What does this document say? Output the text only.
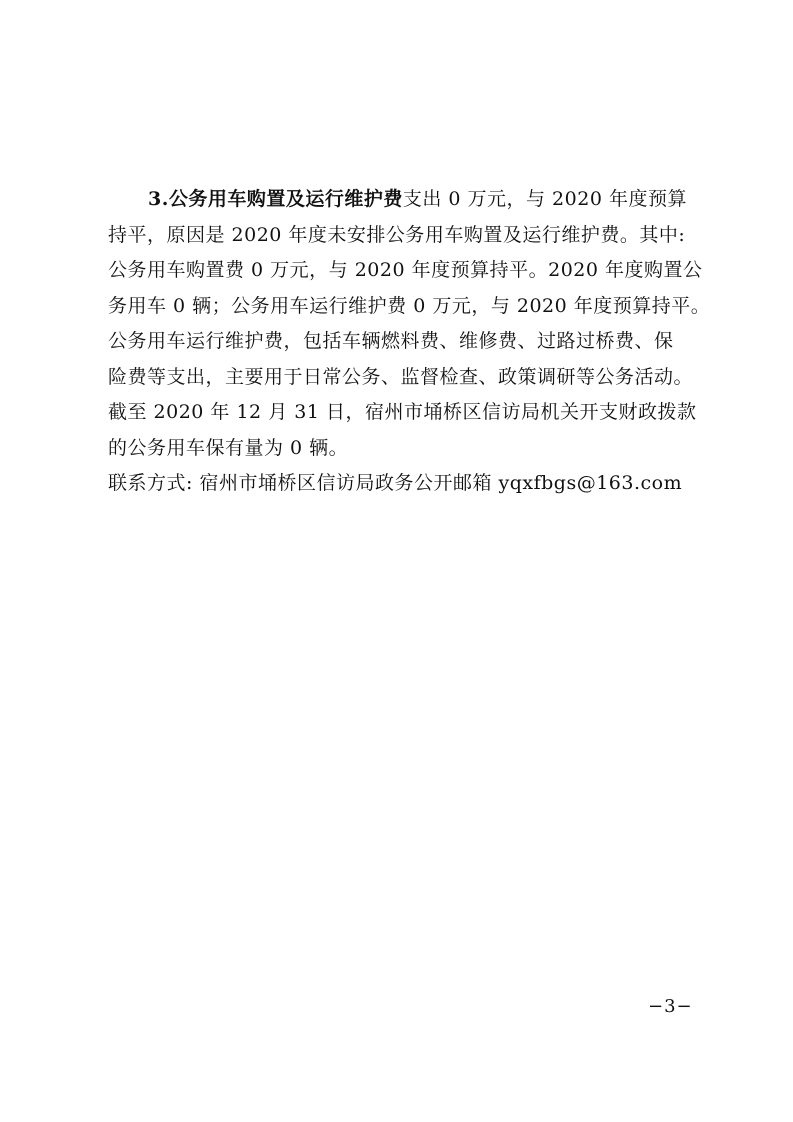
3.公务用车购置及运行维护费支出 0 万元，与 2020 年度预算
持平，原因是 2020 年度未安排公务用车购置及运行维护费。其中:
公务用车购置费 0 万元，与 2020 年度预算持平。2020 年度购置公
务用车 0 辆；公务用车运行维护费 0 万元，与 2020 年度预算持平。
公务用车运行维护费，包括车辆燃料费、维修费、过路过桥费、保
险费等支出，主要用于日常公务、监督检查、政策调研等公务活动。
截至 2020 年 12 月 31 日，宿州市埇桥区信访局机关开支财政拨款
的公务用车保有量为 0 辆。
联系方式: 宿州市埇桥区信访局政务公开邮箱 yqxfbgs@163.com
−3−
